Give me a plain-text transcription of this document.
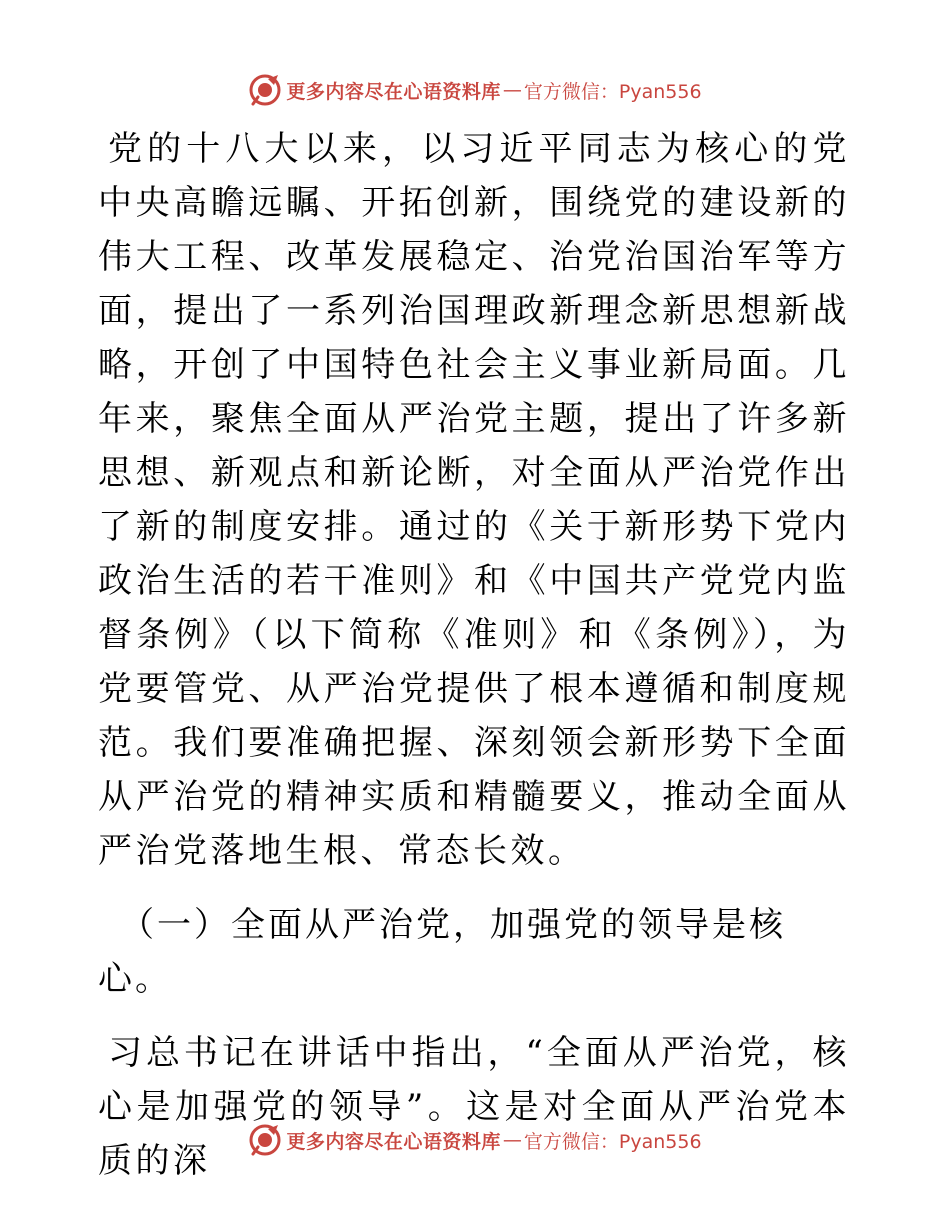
更多内容尽在心语资料库 — 官方微信：Pyan556

党的十八大以来，以习近平同志为核心的党中央高瞻远瞩、开拓创新，围绕党的建设新的伟大工程、改革发展稳定、治党治国治军等方面，提出了一系列治国理政新理念新思想新战略，开创了中国特色社会主义事业新局面。几年来，聚焦全面从严治党主题，提出了许多新思想、新观点和新论断，对全面从严治党作出了新的制度安排。通过的《关于新形势下党内政治生活的若干准则》和《中国共产党党内监督条例》（以下简称《准则》和《条例》），为党要管党、从严治党提供了根本遵循和制度规范。我们要准确把握、深刻领会新形势下全面从严治党的精神实质和精髓要义，推动全面从严治党落地生根、常态长效。

（一）全面从严治党，加强党的领导是核心。

习总书记在讲话中指出，“全面从严治党，核心是加强党的领导”。这是对全面从严治党本质的深	更多内容尽在心语资料库 — 官方微信：Pyan556
